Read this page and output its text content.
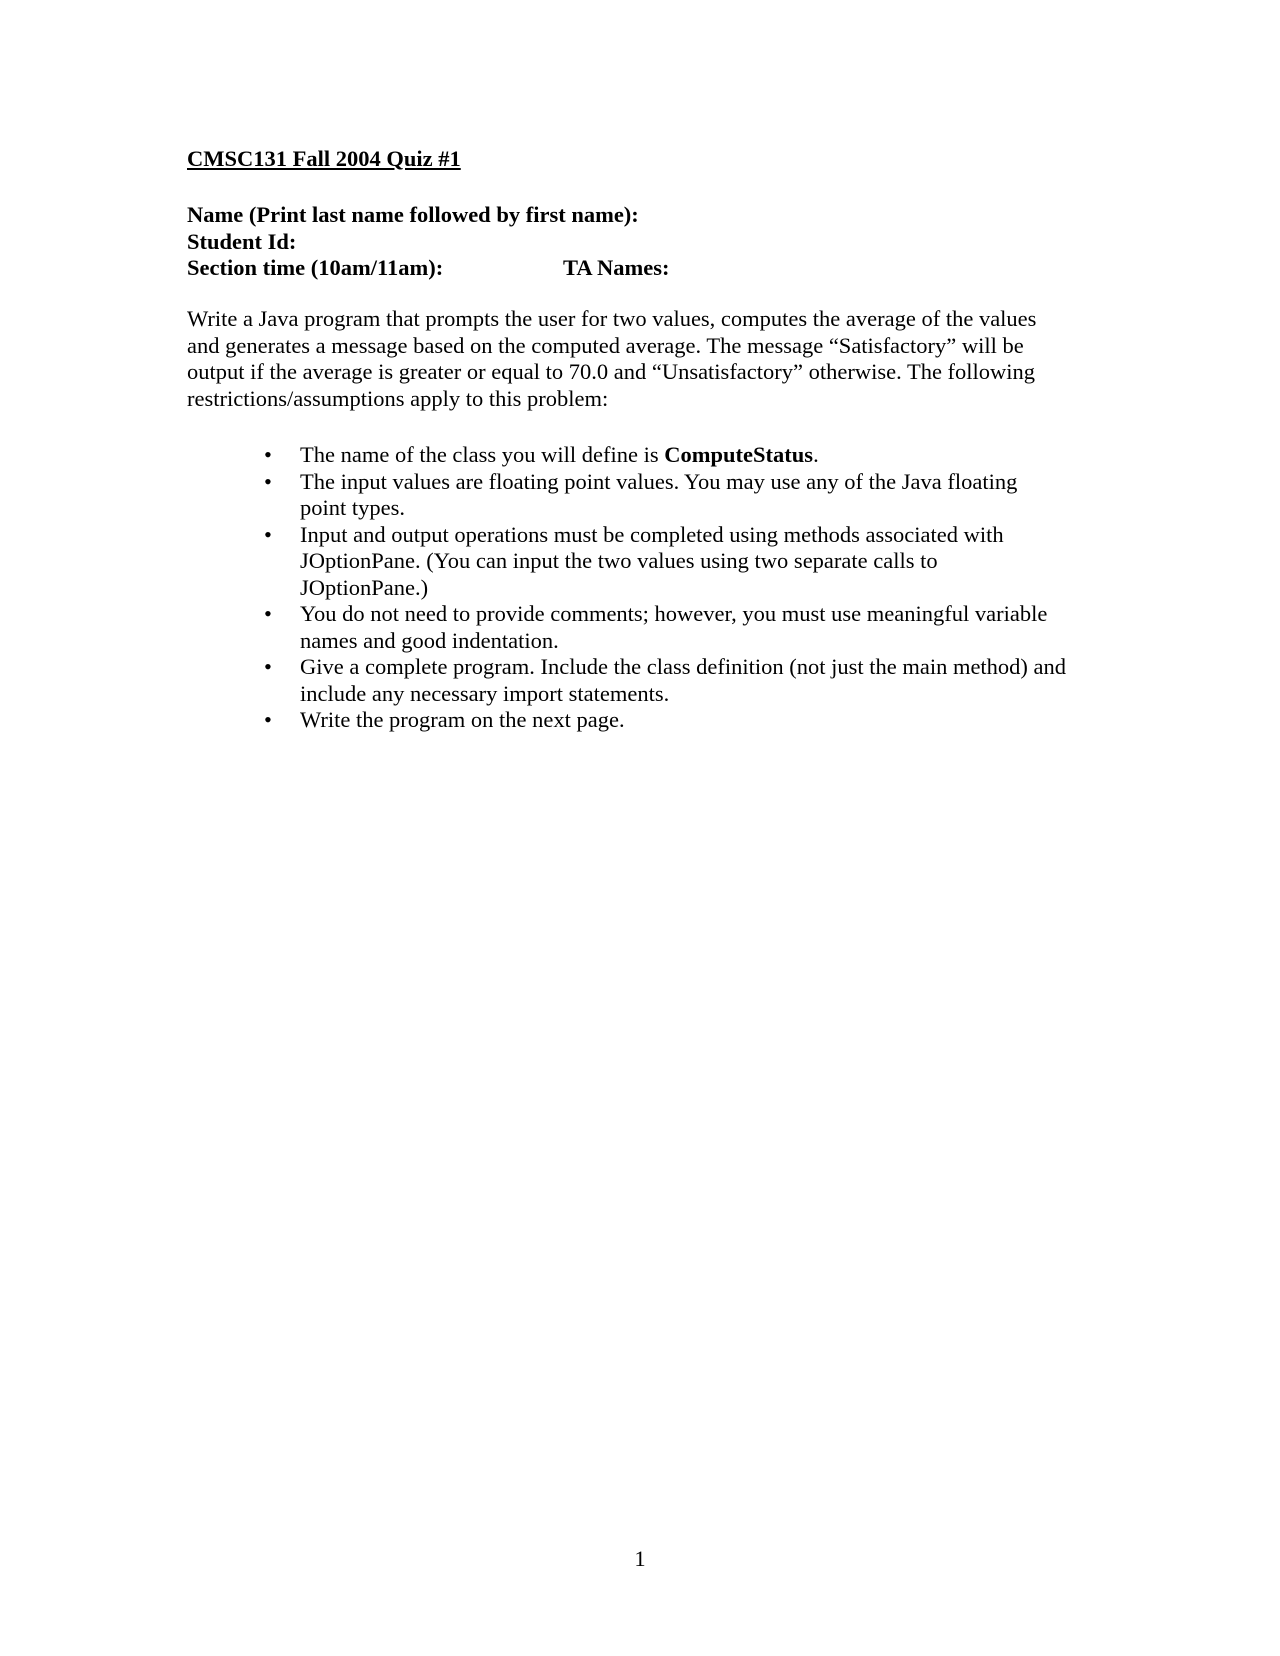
CMSC131 Fall 2004 Quiz #1
Name (Print last name followed by first name):
Student Id:
Section time (10am/11am):	TA Names:
Write a Java program that prompts the user for two values, computes the average of the values
and generates a message based on the computed average. The message “Satisfactory” will be
output if the average is greater or equal to 70.0 and “Unsatisfactory” otherwise. The following
restrictions/assumptions apply to this problem:
•	The name of the class you will define is ComputeStatus.
•	The input values are floating point values. You may use any of the Java floating
point types.
•	Input and output operations must be completed using methods associated with
JOptionPane. (You can input the two values using two separate calls to
JOptionPane.)
•	You do not need to provide comments; however, you must use meaningful variable
names and good indentation.
•	Give a complete program. Include the class definition (not just the main method) and
include any necessary import statements.
•	Write the program on the next page.
1
